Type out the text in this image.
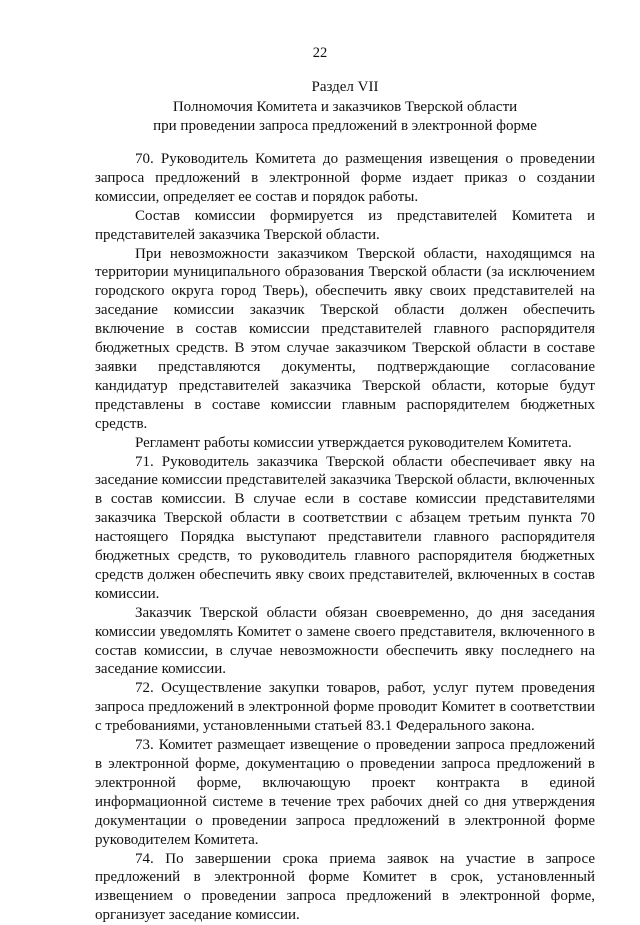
22
Раздел VII
Полномочия Комитета и заказчиков Тверской области
при проведении запроса предложений в электронной форме

70. Руководитель Комитета до размещения извещения о проведении запроса предложений в электронной форме издает приказ о создании комиссии, определяет ее состав и порядок работы.

Состав комиссии формируется из представителей Комитета и представителей заказчика Тверской области.

При невозможности заказчиком Тверской области, находящимся на территории муниципального образования Тверской области (за исключением городского округа город Тверь), обеспечить явку своих представителей на заседание комиссии заказчик Тверской области должен обеспечить включение в состав комиссии представителей главного распорядителя бюджетных средств. В этом случае заказчиком Тверской области в составе заявки представляются документы, подтверждающие согласование кандидатур представителей заказчика Тверской области, которые будут представлены в составе комиссии главным распорядителем бюджетных средств.

Регламент работы комиссии утверждается руководителем Комитета.

71. Руководитель заказчика Тверской области обеспечивает явку на заседание комиссии представителей заказчика Тверской области, включенных в состав комиссии. В случае если в составе комиссии представителями заказчика Тверской области в соответствии с абзацем третьим пункта 70 настоящего Порядка выступают представители главного распорядителя бюджетных средств, то руководитель главного распорядителя бюджетных средств должен обеспечить явку своих представителей, включенных в состав комиссии.

Заказчик Тверской области обязан своевременно, до дня заседания комиссии уведомлять Комитет о замене своего представителя, включенного в состав комиссии, в случае невозможности обеспечить явку последнего на заседание комиссии.

72. Осуществление закупки товаров, работ, услуг путем проведения запроса предложений в электронной форме проводит Комитет в соответствии с требованиями, установленными статьей 83.1 Федерального закона.

73. Комитет размещает извещение о проведении запроса предложений в электронной форме, документацию о проведении запроса предложений в электронной форме, включающую проект контракта в единой информационной системе в течение трех рабочих дней со дня утверждения документации о проведении запроса предложений в электронной форме руководителем Комитета.

74. По завершении срока приема заявок на участие в запросе предложений в электронной форме Комитет в срок, установленный извещением о проведении запроса предложений в электронной форме, организует заседание комиссии.
